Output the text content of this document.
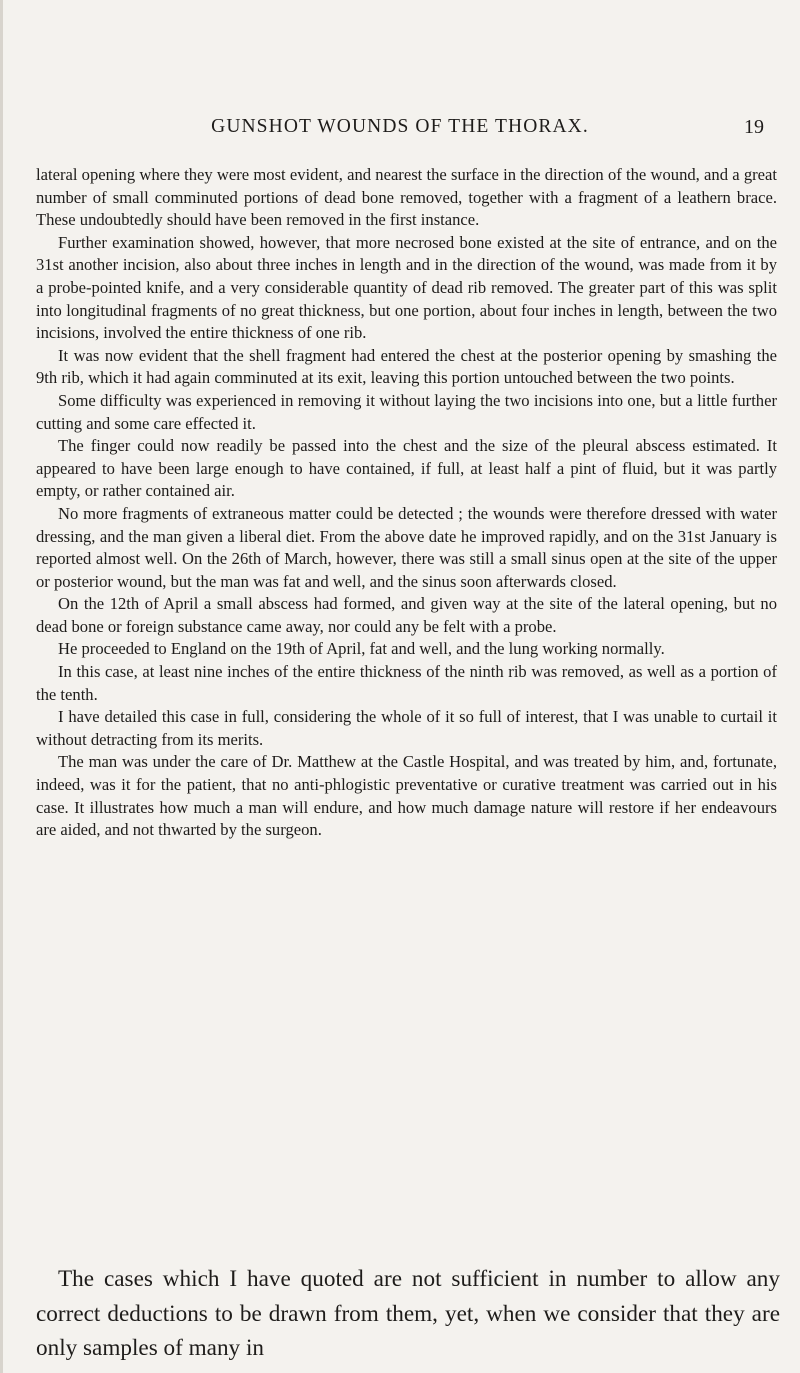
GUNSHOT WOUNDS OF THE THORAX.	19

lateral opening where they were most evident, and nearest the surface in the direction of the wound, and a great number of small comminuted portions of dead bone removed, together with a fragment of a leathern brace. These undoubtedly should have been removed in the first instance.

Further examination showed, however, that more necrosed bone existed at the site of entrance, and on the 31st another incision, also about three inches in length and in the direction of the wound, was made from it by a probe-pointed knife, and a very considerable quantity of dead rib removed. The greater part of this was split into longitudinal fragments of no great thickness, but one portion, about four inches in length, between the two incisions, involved the entire thickness of one rib.

It was now evident that the shell fragment had entered the chest at the posterior opening by smashing the 9th rib, which it had again comminuted at its exit, leaving this portion untouched between the two points.

Some difficulty was experienced in removing it without laying the two incisions into one, but a little further cutting and some care effected it.

The finger could now readily be passed into the chest and the size of the pleural abscess estimated. It appeared to have been large enough to have contained, if full, at least half a pint of fluid, but it was partly empty, or rather contained air.

No more fragments of extraneous matter could be detected ; the wounds were therefore dressed with water dressing, and the man given a liberal diet. From the above date he improved rapidly, and on the 31st January is reported almost well. On the 26th of March, however, there was still a small sinus open at the site of the upper or posterior wound, but the man was fat and well, and the sinus soon afterwards closed.

On the 12th of April a small abscess had formed, and given way at the site of the lateral opening, but no dead bone or foreign substance came away, nor could any be felt with a probe.

He proceeded to England on the 19th of April, fat and well, and the lung working normally.

In this case, at least nine inches of the entire thickness of the ninth rib was removed, as well as a portion of the tenth.

I have detailed this case in full, considering the whole of it so full of interest, that I was unable to curtail it without detracting from its merits.

The man was under the care of Dr. Matthew at the Castle Hospital, and was treated by him, and, fortunate, indeed, was it for the patient, that no anti-phlogistic preventative or curative treatment was carried out in his case. It illustrates how much a man will endure, and how much damage nature will restore if her endeavours are aided, and not thwarted by the surgeon.

The cases which I have quoted are not sufficient in number to allow any correct deductions to be drawn from them, yet, when we consider that they are only samples of many in
